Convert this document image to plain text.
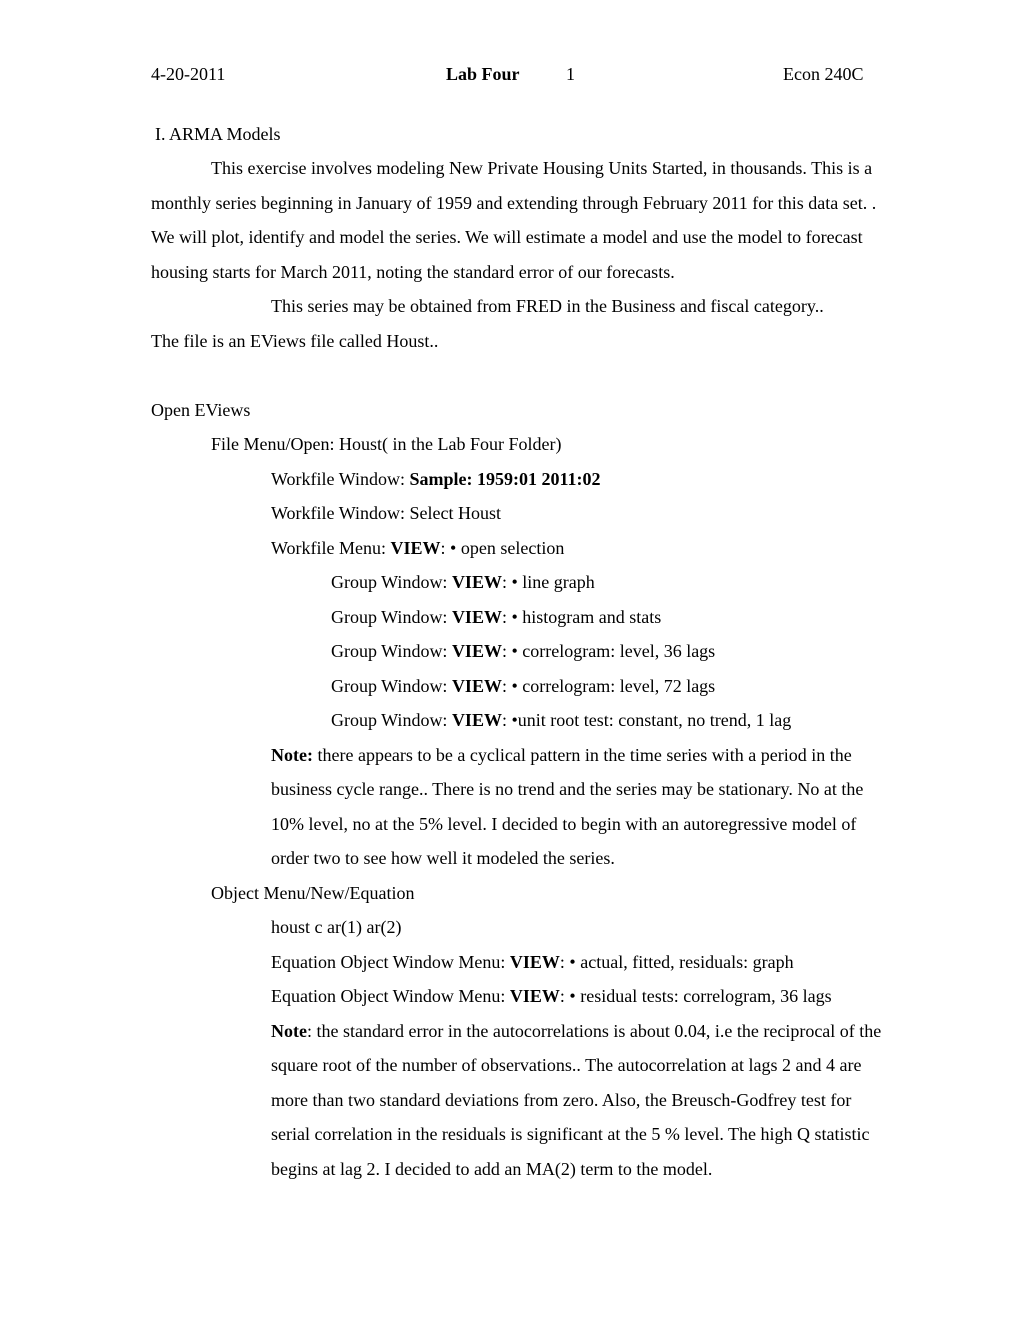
4-20-2011	Lab Four	1	Econ 240C
I. ARMA Models
This exercise involves modeling New Private Housing Units Started, in thousands. This is a
monthly series beginning in January of 1959 and extending through February 2011 for this data set. .
We will plot, identify and model the series. We will estimate a model and use the model to forecast
housing starts for March 2011, noting the standard error of our forecasts.
This series may be obtained from FRED in the Business and fiscal category..
The file is an EViews file called Houst..
Open EViews
File Menu/Open: Houst( in the Lab Four Folder)
Workfile Window: Sample: 1959:01 2011:02
Workfile Window: Select Houst
Workfile Menu: VIEW: • open selection
Group Window: VIEW: • line graph
Group Window: VIEW: • histogram and stats
Group Window: VIEW: • correlogram: level, 36 lags
Group Window: VIEW: • correlogram: level, 72 lags
Group Window: VIEW: •unit root test: constant, no trend, 1 lag
Note: there appears to be a cyclical pattern in the time series with a period in the
business cycle range.. There is no trend and the series may be stationary. No at the
10% level, no at the 5% level. I decided to begin with an autoregressive model of
order two to see how well it modeled the series.
Object Menu/New/Equation
houst c ar(1) ar(2)
Equation Object Window Menu: VIEW: • actual, fitted, residuals: graph
Equation Object Window Menu: VIEW: • residual tests: correlogram, 36 lags
Note: the standard error in the autocorrelations is about 0.04, i.e the reciprocal of the
square root of the number of observations.. The autocorrelation at lags 2 and 4 are
more than two standard deviations from zero. Also, the Breusch-Godfrey test for
serial correlation in the residuals is significant at the 5 % level. The high Q statistic
begins at lag 2. I decided to add an MA(2) term to the model.
